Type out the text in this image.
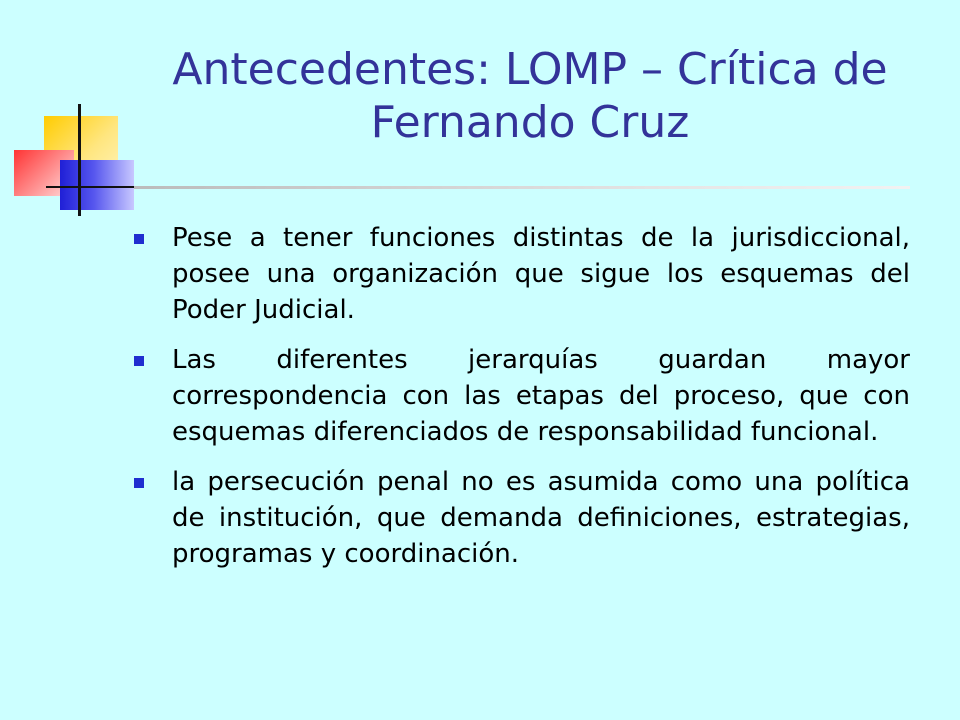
Antecedentes: LOMP – Crítica de Fernando Cruz
Pese a tener funciones distintas de la jurisdiccional, posee una organización que sigue los esquemas del Poder Judicial.
Las diferentes jerarquías guardan mayor correspondencia con las etapas del proceso, que con esquemas diferenciados de responsabilidad funcional.
la persecución penal no es asumida como una política de institución, que demanda definiciones, estrategias, programas y coordinación.
